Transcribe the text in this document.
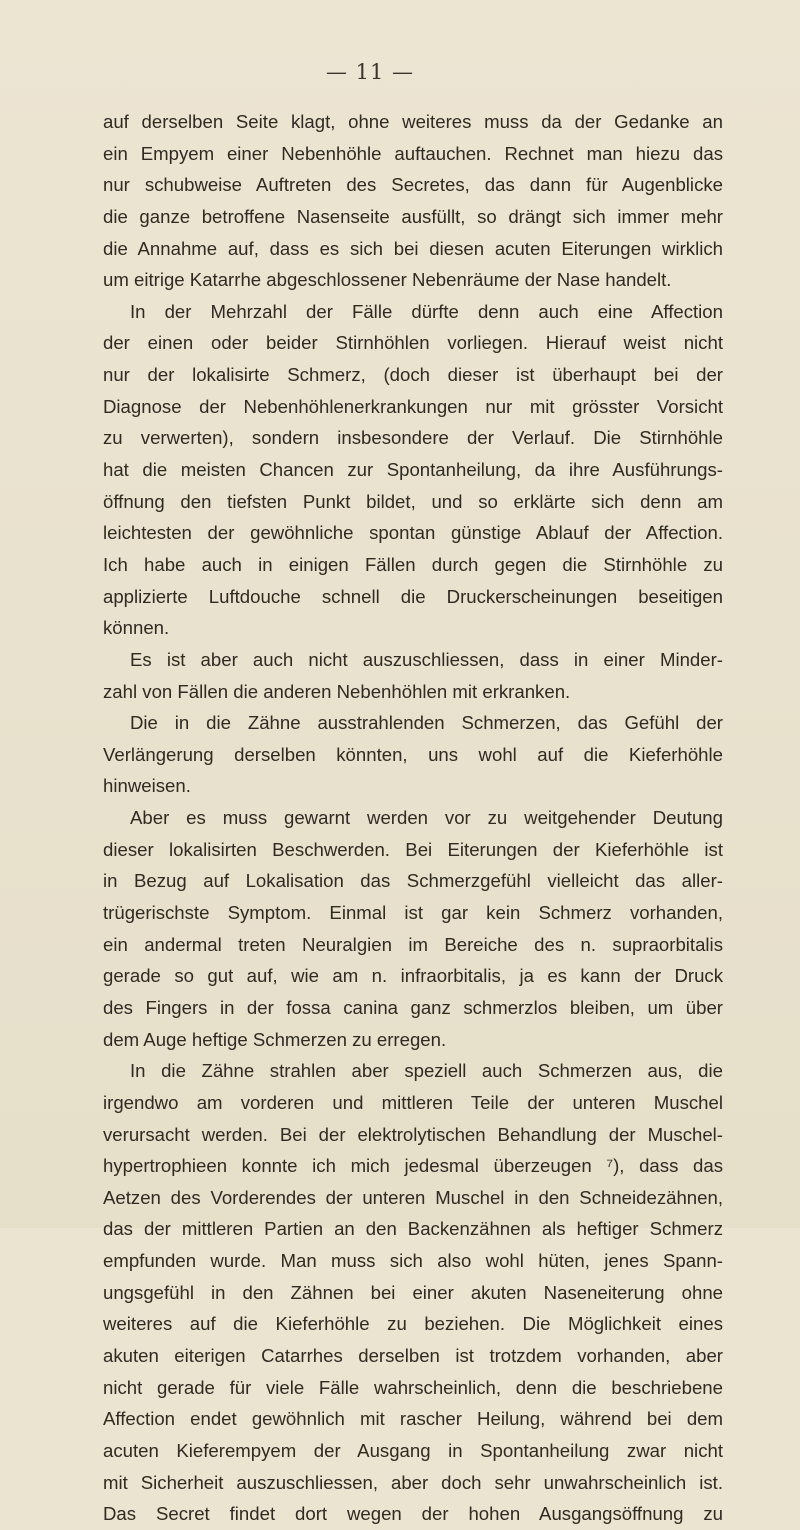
— 11 —
auf derselben Seite klagt, ohne weiteres muss da der Gedanke an
ein Empyem einer Nebenhöhle auftauchen. Rechnet man hiezu das
nur schubweise Auftreten des Secretes, das dann für Augenblicke
die ganze betroffene Nasenseite ausfüllt, so drängt sich immer mehr
die Annahme auf, dass es sich bei diesen acuten Eiterungen wirklich
um eitrige Katarrhe abgeschlossener Nebenräume der Nase handelt.
In der Mehrzahl der Fälle dürfte denn auch eine Affection
der einen oder beider Stirnhöhlen vorliegen. Hierauf weist nicht
nur der lokalisirte Schmerz, (doch dieser ist überhaupt bei der
Diagnose der Nebenhöhlenerkrankungen nur mit grösster Vorsicht
zu verwerten), sondern insbesondere der Verlauf. Die Stirnhöhle
hat die meisten Chancen zur Spontanheilung, da ihre Ausführungs-
öffnung den tiefsten Punkt bildet, und so erklärte sich denn am
leichtesten der gewöhnliche spontan günstige Ablauf der Affection.
Ich habe auch in einigen Fällen durch gegen die Stirnhöhle zu
applizierte Luftdouche schnell die Druckerscheinungen beseitigen
können.
Es ist aber auch nicht auszuschliessen, dass in einer Minder-
zahl von Fällen die anderen Nebenhöhlen mit erkranken.
Die in die Zähne ausstrahlenden Schmerzen, das Gefühl der
Verlängerung derselben könnten, uns wohl auf die Kieferhöhle
hinweisen.
Aber es muss gewarnt werden vor zu weitgehender Deutung
dieser lokalisirten Beschwerden. Bei Eiterungen der Kieferhöhle ist
in Bezug auf Lokalisation das Schmerzgefühl vielleicht das aller-
trügerischste Symptom. Einmal ist gar kein Schmerz vorhanden,
ein andermal treten Neuralgien im Bereiche des n. supraorbitalis
gerade so gut auf, wie am n. infraorbitalis, ja es kann der Druck
des Fingers in der fossa canina ganz schmerzlos bleiben, um über
dem Auge heftige Schmerzen zu erregen.
In die Zähne strahlen aber speziell auch Schmerzen aus, die
irgendwo am vorderen und mittleren Teile der unteren Muschel
verursacht werden. Bei der elektrolytischen Behandlung der Muschel-
hypertrophieen konnte ich mich jedesmal überzeugen ⁷), dass das
Aetzen des Vorderendes der unteren Muschel in den Schneidezähnen,
das der mittleren Partien an den Backenzähnen als heftiger Schmerz
empfunden wurde. Man muss sich also wohl hüten, jenes Spann-
ungsgefühl in den Zähnen bei einer akuten Naseneiterung ohne
weiteres auf die Kieferhöhle zu beziehen. Die Möglichkeit eines
akuten eiterigen Catarrhes derselben ist trotzdem vorhanden, aber
nicht gerade für viele Fälle wahrscheinlich, denn die beschriebene
Affection endet gewöhnlich mit rascher Heilung, während bei dem
acuten Kieferempyem der Ausgang in Spontanheilung zwar nicht
mit Sicherheit auszuschliessen, aber doch sehr unwahrscheinlich ist.
Das Secret findet dort wegen der hohen Ausgangsöffnung zu
